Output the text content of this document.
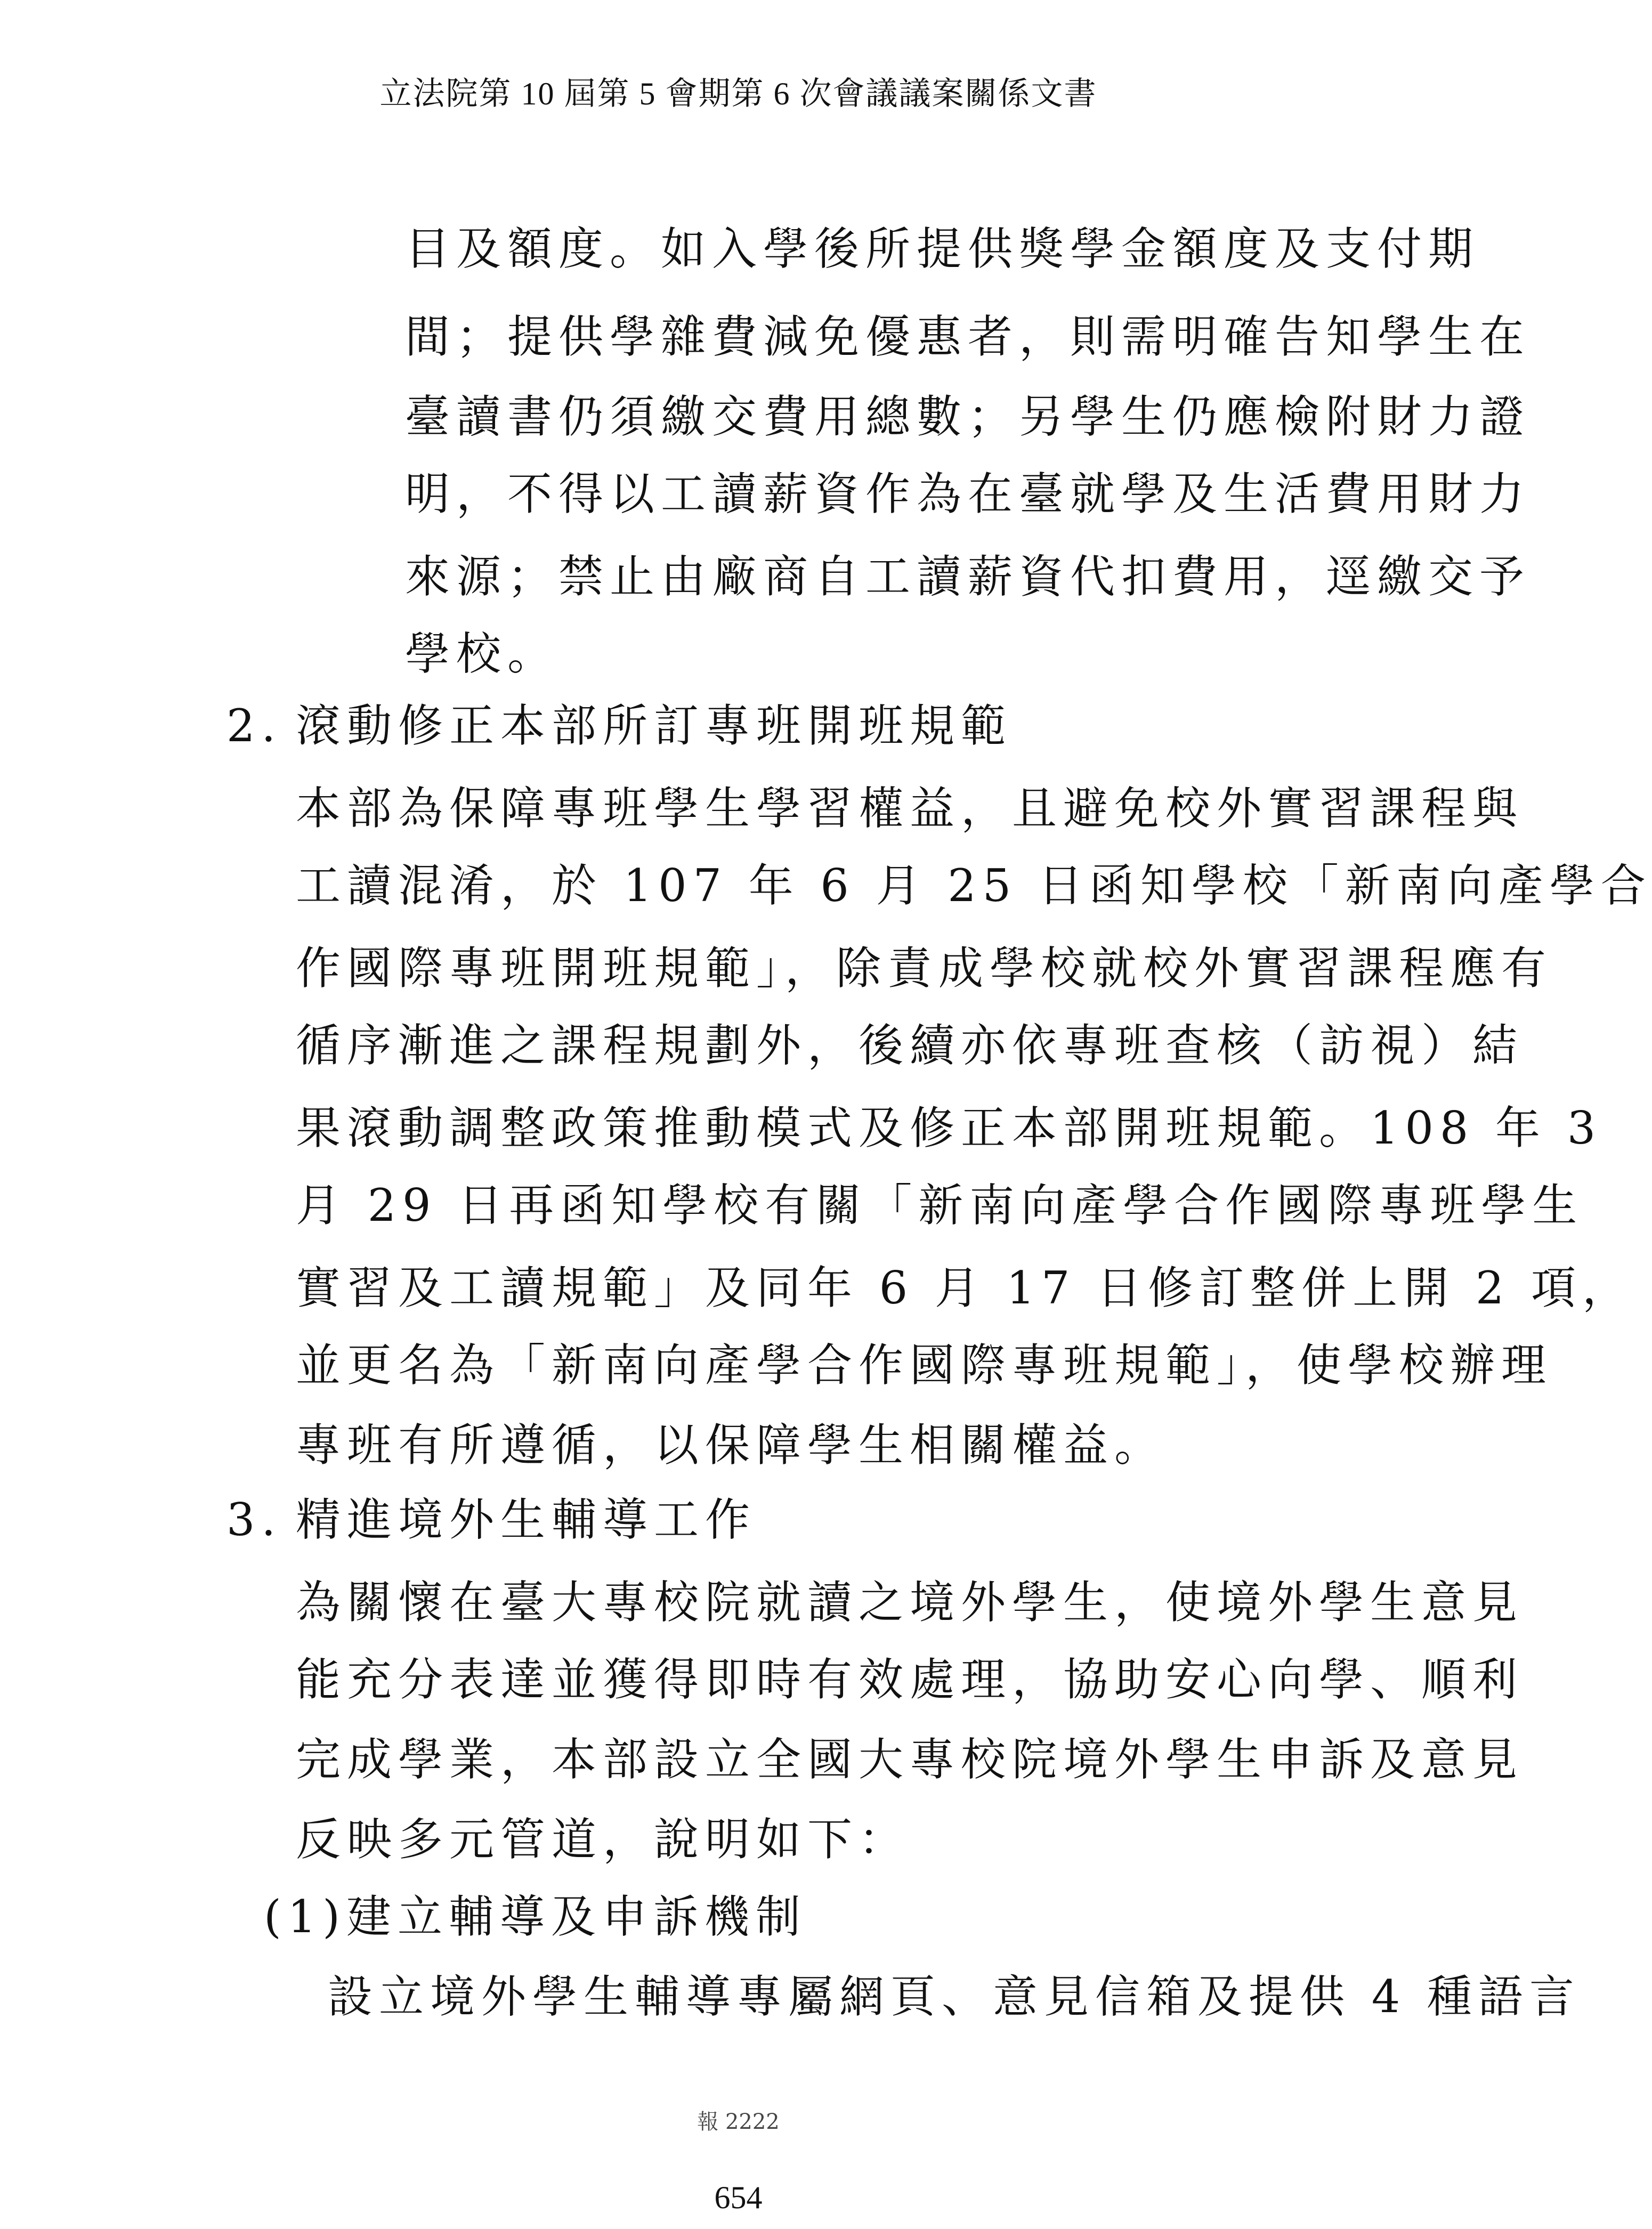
立法院第 10 屆第 5 會期第 6 次會議議案關係文書
目及額度。如入學後所提供獎學金額度及支付期
間；提供學雜費減免優惠者，則需明確告知學生在
臺讀書仍須繳交費用總數；另學生仍應檢附財力證
明，不得以工讀薪資作為在臺就學及生活費用財力
來源；禁止由廠商自工讀薪資代扣費用，逕繳交予
學校。
2. 滾動修正本部所訂專班開班規範
本部為保障專班學生學習權益，且避免校外實習課程與
工讀混淆，於 107 年 6 月 25 日函知學校「新南向產學合
作國際專班開班規範」，除責成學校就校外實習課程應有
循序漸進之課程規劃外，後續亦依專班查核（訪視）結
果滾動調整政策推動模式及修正本部開班規範。108 年 3
月 29 日再函知學校有關「新南向產學合作國際專班學生
實習及工讀規範」及同年 6 月 17 日修訂整併上開 2 項，
並更名為「新南向產學合作國際專班規範」，使學校辦理
專班有所遵循，以保障學生相關權益。
3. 精進境外生輔導工作
為關懷在臺大專校院就讀之境外學生，使境外學生意見
能充分表達並獲得即時有效處理，協助安心向學、順利
完成學業，本部設立全國大專校院境外學生申訴及意見
反映多元管道，說明如下：
(1)建立輔導及申訴機制
設立境外學生輔導專屬網頁、意見信箱及提供 4 種語言
報 2222
654
